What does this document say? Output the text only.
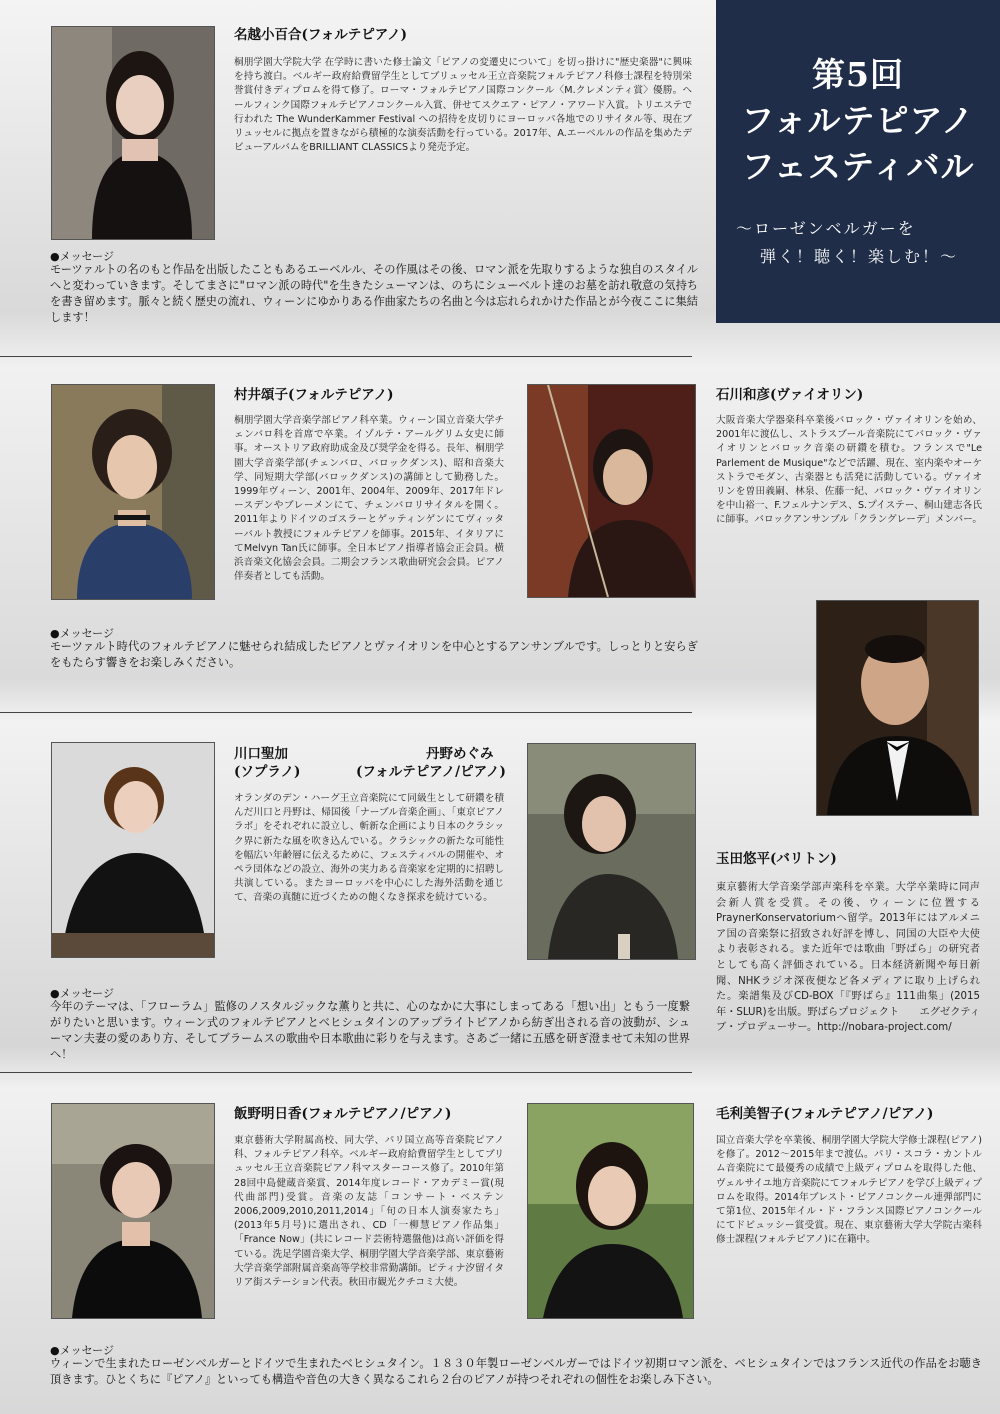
第5回
フォルテピアノ
フェスティバル
～ローゼンベルガーを
弾く！聴く！楽しむ！～
名越小百合(フォルテピアノ)
桐朋学園大学院大学 在学時に書いた修士論文「ピアノの変遷史について」を切っ掛けに"歴史楽器"に興味を持ち渡白。ベルギー政府給費留学生としてブリュッセル王立音楽院フォルテピアノ科修士課程を特別栄誉賞付きディプロムを得て修了。ローマ・フォルテピアノ国際コンクール〈M.クレメンティ賞〉優勝。ヘールフィンク国際フォルテピアノコンクール入賞、併せてスクエア・ピアノ・アワード入賞。トリエステで行われた The WunderKammer Festival への招待を皮切りにヨーロッパ各地でのリサイタル等、現在ブリュッセルに拠点を置きながら積極的な演奏活動を行っている。2017年、A.エーベルルの作品を集めたデビューアルバムをBRILLIANT CLASSICSより発売予定。
●メッセージ
モーツァルトの名のもと作品を出版したこともあるエーベルル、その作風はその後、ロマン派を先取りするような独自のスタイルへと変わっていきます。そしてまさに"ロマン派の時代"を生きたシューマンは、のちにシューベルト達のお墓を訪れ敬意の気持ちを書き留めます。脈々と続く歴史の流れ、ウィーンにゆかりある作曲家たちの名曲と今は忘れられかけた作品とが今夜ここに集結します！
村井頌子(フォルテピアノ)
桐朋学園大学音楽学部ピアノ科卒業。ウィーン国立音楽大学チェンバロ科を首席で卒業。イゾルテ・アールグリム女史に師事。オーストリア政府助成金及び奨学金を得る。長年、桐朋学園大学音楽学部(チェンバロ、バロックダンス)、昭和音楽大学、同短期大学部(バロックダンス)の講師として勤務した。1999年ヴィーン、2001年、2004年、2009年、2017年ドレースデンやブレーメンにて、チェンバロリサイタルを開く。2011年よりドイツのゴスラーとゲッティンゲンにてヴィッターバルト教授にフォルテピアノを師事。2015年、イタリアにてMelvyn Tan氏に師事。全日本ピアノ指導者協会正会員。横浜音楽文化協会会員。二期会フランス歌曲研究会会員。ピアノ伴奏者としても活動。
石川和彦(ヴァイオリン)
大阪音楽大学器楽科卒業後バロック・ヴァイオリンを始め、2001年に渡仏し、ストラスブール音楽院にてバロック・ヴァイオリンとバロック音楽の研鑽を積む。フランスで"Le Parlement de Musique"などで活躍、現在、室内楽やオーケストラでモダン、古楽器とも活発に活動している。ヴァイオリンを曽田義嗣、林泉、佐藤一紀、バロック・ヴァイオリンを中山裕一、F.フェルナンデス、S.プイステー、桐山建志各氏に師事。バロックアンサンブル「クラングレーデ」メンバー。
●メッセージ
モーツァルト時代のフォルテピアノに魅せられ結成したピアノとヴァイオリンを中心とするアンサンブルです。しっとりと安らぎをもたらす響きをお楽しみください。
玉田悠平(バリトン)
東京藝術大学音楽学部声楽科を卒業。大学卒業時に同声会新人賞を受賞。その後、ウィーンに位置するPraynerKonservatoriumへ留学。2013年にはアルメニア国の音楽祭に招致され好評を博し、同国の大臣や大使より表彰される。また近年では歌曲「野ばら」の研究者としても高く評価されている。日本経済新聞や毎日新聞、NHKラジオ深夜便など各メディアに取り上げられた。楽譜集及びCD-BOX「『野ばら』111曲集」(2015年・SLUR)を出版。野ばらプロジェクト　　エグゼクティブ・プロデューサー。http://nobara-project.com/
川口聖加
(ソプラノ)
丹野めぐみ
(フォルテピアノ/ピアノ)
オランダのデン・ハーグ王立音楽院にて同級生として研鑽を積んだ川口と丹野は、帰国後「ナーブル音楽企画」、「東京ピアノラボ」をそれぞれに設立し、斬新な企画により日本のクラシック界に新たな風を吹き込んでいる。クラシックの新たな可能性を幅広い年齢層に伝えるために、フェスティバルの開催や、オペラ団体などの設立、海外の実力ある音楽家を定期的に招聘し共演している。またヨーロッパを中心にした海外活動を通じて、音楽の真髄に近づくための飽くなき探求を続けている。
●メッセージ
今年のテーマは、「フローラム」監修のノスタルジックな薫りと共に、心のなかに大事にしまってある「想い出」ともう一度繋がりたいと思います。ウィーン式のフォルテピアノとベヒシュタインのアップライトピアノから紡ぎ出される音の波動が、シューマン夫妻の愛のあり方、そしてブラームスの歌曲や日本歌曲に彩りを与えます。さあご一緒に五感を研ぎ澄ませて未知の世界へ！
飯野明日香(フォルテピアノ/ピアノ)
東京藝術大学附属高校、同大学、パリ国立高等音楽院ピアノ科、フォルテピアノ科卒。ベルギー政府給費留学生としてブリュッセル王立音楽院ピアノ科マスターコース修了。2010年第28回中島健蔵音楽賞、2014年度レコード・アカデミー賞(現代曲部門)受賞。音楽の友誌「コンサート・ベステン2006,2009,2010,2011,2014」「旬の日本人演奏家たち」(2013年5月号)に選出され、CD「一柳慧ピアノ作品集」「France Now」(共にレコード芸術特選盤他)は高い評価を得ている。洗足学園音楽大学、桐朋学園大学音楽学部、東京藝術大学音楽学部附属音楽高等学校非常勤講師。ピティナ汐留イタリア街ステーション代表。秋田市観光クチコミ大使。
毛利美智子(フォルテピアノ/ピアノ)
国立音楽大学を卒業後、桐朋学園大学院大学修士課程(ピアノ)を修了。2012～2015年まで渡仏。パリ・スコラ・カントルム音楽院にて最優秀の成績で上級ディプロムを取得した他、ヴェルサイユ地方音楽院にてフォルテピアノを学び上級ディプロムを取得。2014年ブレスト・ピアノコンクール連弾部門にて第1位、2015年イル・ド・フランス国際ピアノコンクールにてドビュッシー賞受賞。現在、東京藝術大学大学院古楽科修士課程(フォルテピアノ)に在籍中。
●メッセージ
ウィーンで生まれたローゼンベルガーとドイツで生まれたベヒシュタイン。１８３０年製ローゼンベルガーではドイツ初期ロマン派を、ベヒシュタインではフランス近代の作品をお聴き頂きます。ひとくちに『ピアノ』といっても構造や音色の大きく異なるこれら２台のピアノが持つそれぞれの個性をお楽しみ下さい。
